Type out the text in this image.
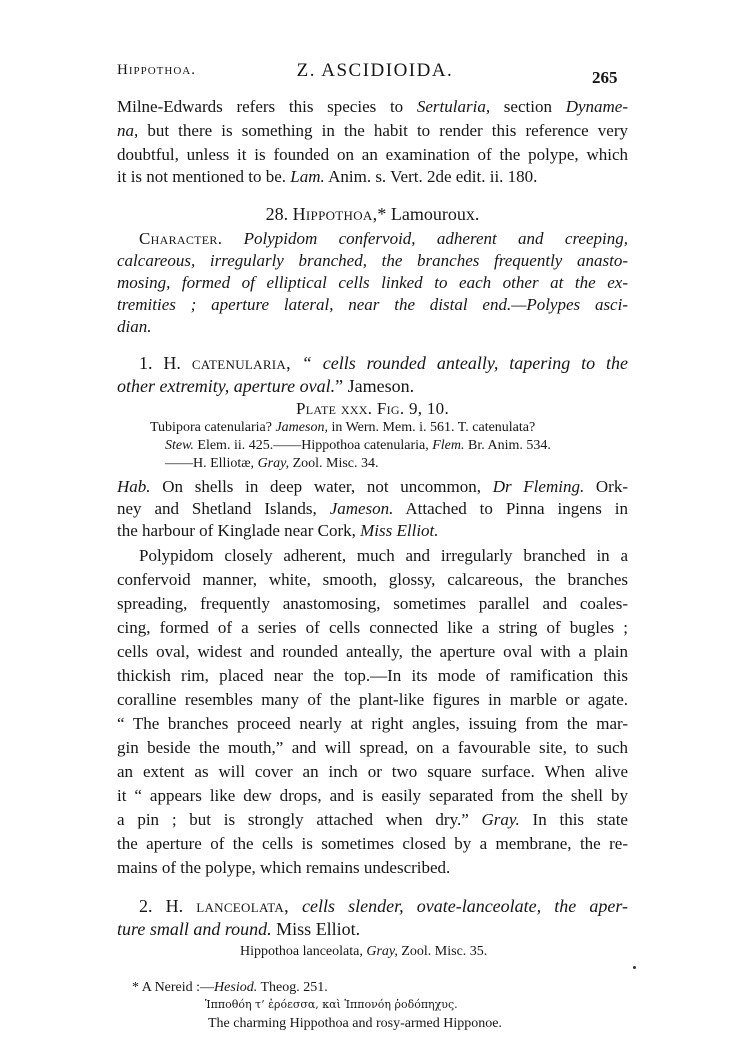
Hippothoa.	Z. ASCIDIOIDA.	265
Milne-Edwards refers this species to Sertularia, section Dyname-
na, but there is something in the habit to render this reference very
doubtful, unless it is founded on an examination of the polype, which
it is not mentioned to be. Lam. Anim. s. Vert. 2de edit. ii. 180.
28. Hippothoa,* Lamouroux.
Character. Polypidom confervoid, adherent and creeping,
calcareous, irregularly branched, the branches frequently anasto-
mosing, formed of elliptical cells linked to each other at the ex-
tremities ; aperture lateral, near the distal end.—Polypes asci-
dian.
1. H. catenularia, “ cells rounded anteally, tapering to the
other extremity, aperture oval.” Jameson.
Plate xxx. Fig. 9, 10.
Tubipora catenularia? Jameson, in Wern. Mem. i. 561. T. catenulata?
Stew. Elem. ii. 425.——Hippothoa catenularia, Flem. Br. Anim. 534.
——H. Elliotæ, Gray, Zool. Misc. 34.
Hab. On shells in deep water, not uncommon, Dr Fleming. Ork-
ney and Shetland Islands, Jameson. Attached to Pinna ingens in
the harbour of Kinglade near Cork, Miss Elliot.
Polypidom closely adherent, much and irregularly branched in a
confervoid manner, white, smooth, glossy, calcareous, the branches
spreading, frequently anastomosing, sometimes parallel and coales-
cing, formed of a series of cells connected like a string of bugles ;
cells oval, widest and rounded anteally, the aperture oval with a plain
thickish rim, placed near the top.—In its mode of ramification this
coralline resembles many of the plant-like figures in marble or agate.
“ The branches proceed nearly at right angles, issuing from the mar-
gin beside the mouth,” and will spread, on a favourable site, to such
an extent as will cover an inch or two square surface. When alive
it “ appears like dew drops, and is easily separated from the shell by
a pin ; but is strongly attached when dry.” Gray. In this state
the aperture of the cells is sometimes closed by a membrane, the re-
mains of the polype, which remains undescribed.
2. H. lanceolata, cells slender, ovate-lanceolate, the aper-
ture small and round. Miss Elliot.
Hippothoa lanceolata, Gray, Zool. Misc. 35.
* A Nereid :—Hesiod. Theog. 251.
Ἱπποθόη τ’ ἐρόεσσα, καὶ Ἱππονόη ῥοδόπηχυς.
The charming Hippothoa and rosy-armed Hipponoe.
